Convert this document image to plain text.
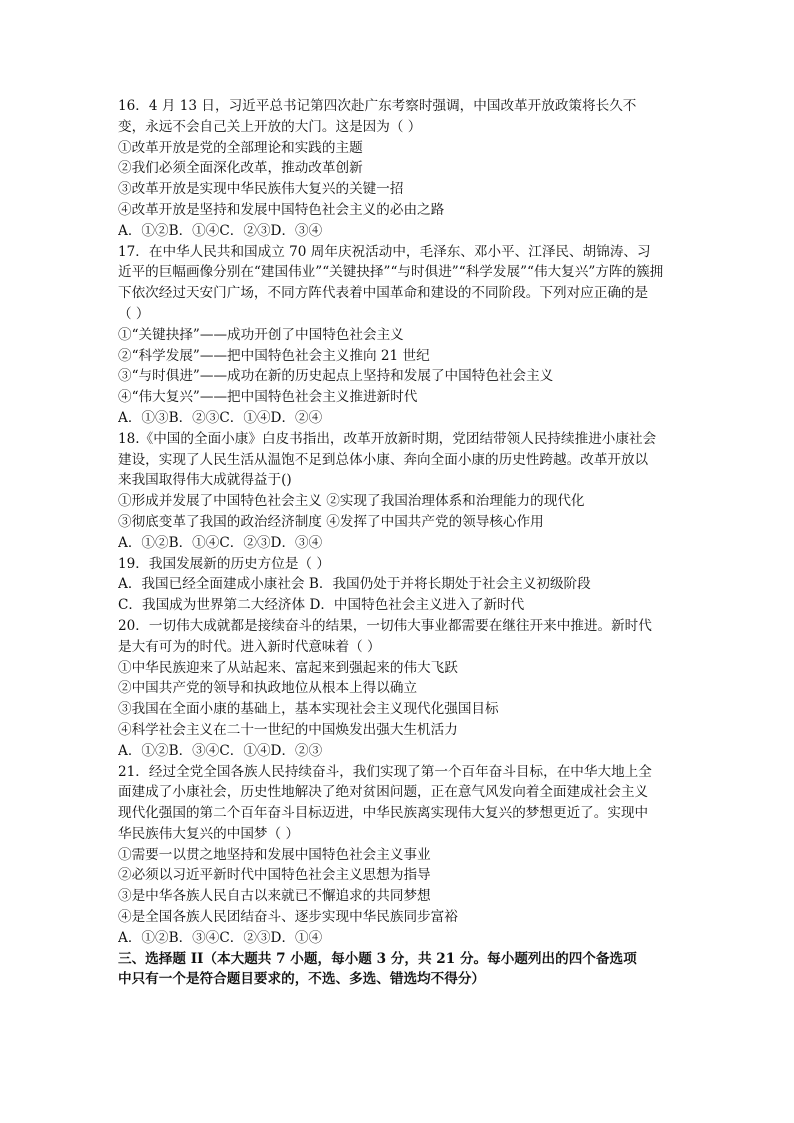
16．4 月 13 日，习近平总书记第四次赴广东考察时强调，中国改革开放政策将长久不
变，永远不会自己关上开放的大门。这是因为（ ）
①改革开放是党的全部理论和实践的主题
②我们必须全面深化改革，推动改革创新
③改革开放是实现中华民族伟大复兴的关键一招
④改革开放是坚持和发展中国特色社会主义的必由之路
A．①②B．①④C．②③D．③④
17．在中华人民共和国成立 70 周年庆祝活动中，毛泽东、邓小平、江泽民、胡锦涛、习
近平的巨幅画像分别在“建国伟业”“关键抉择”“与时俱进”“科学发展”“伟大复兴”方阵的簇拥
下依次经过天安门广场，不同方阵代表着中国革命和建设的不同阶段。下列对应正确的是
（ ）
①“关键抉择”——成功开创了中国特色社会主义
②“科学发展”——把中国特色社会主义推向 21 世纪
③“与时俱进”——成功在新的历史起点上坚持和发展了中国特色社会主义
④“伟大复兴”——把中国特色社会主义推进新时代
A．①③B．②③C．①④D．②④
18.《中国的全面小康》白皮书指出，改革开放新时期，党团结带领人民持续推进小康社会
建设，实现了人民生活从温饱不足到总体小康、奔向全面小康的历史性跨越。改革开放以
来我国取得伟大成就得益于()
①形成并发展了中国特色社会主义 ②实现了我国治理体系和治理能力的现代化
③彻底变革了我国的政治经济制度 ④发挥了中国共产党的领导核心作用
A．①②B．①④C．②③D．③④
19．我国发展新的历史方位是（ ）
A．我国已经全面建成小康社会 B．我国仍处于并将长期处于社会主义初级阶段
C．我国成为世界第二大经济体 D．中国特色社会主义进入了新时代
20．一切伟大成就都是接续奋斗的结果，一切伟大事业都需要在继往开来中推进。新时代
是大有可为的时代。进入新时代意味着（ ）
①中华民族迎来了从站起来、富起来到强起来的伟大飞跃
②中国共产党的领导和执政地位从根本上得以确立
③我国在全面小康的基础上，基本实现社会主义现代化强国目标
④科学社会主义在二十一世纪的中国焕发出强大生机活力
A．①②B．③④C．①④D．②③
21．经过全党全国各族人民持续奋斗，我们实现了第一个百年奋斗目标，在中华大地上全
面建成了小康社会，历史性地解决了绝对贫困问题，正在意气风发向着全面建成社会主义
现代化强国的第二个百年奋斗目标迈进，中华民族离实现伟大复兴的梦想更近了。实现中
华民族伟大复兴的中国梦（ ）
①需要一以贯之地坚持和发展中国特色社会主义事业
②必须以习近平新时代中国特色社会主义思想为指导
③是中华各族人民自古以来就已不懈追求的共同梦想
④是全国各族人民团结奋斗、逐步实现中华民族同步富裕
A．①②B．③④C．②③D．①④
三、选择题 II（本大题共 7 小题，每小题 3 分，共 21 分。每小题列出的四个备选项
中只有一个是符合题目要求的，不选、多选、错选均不得分）
